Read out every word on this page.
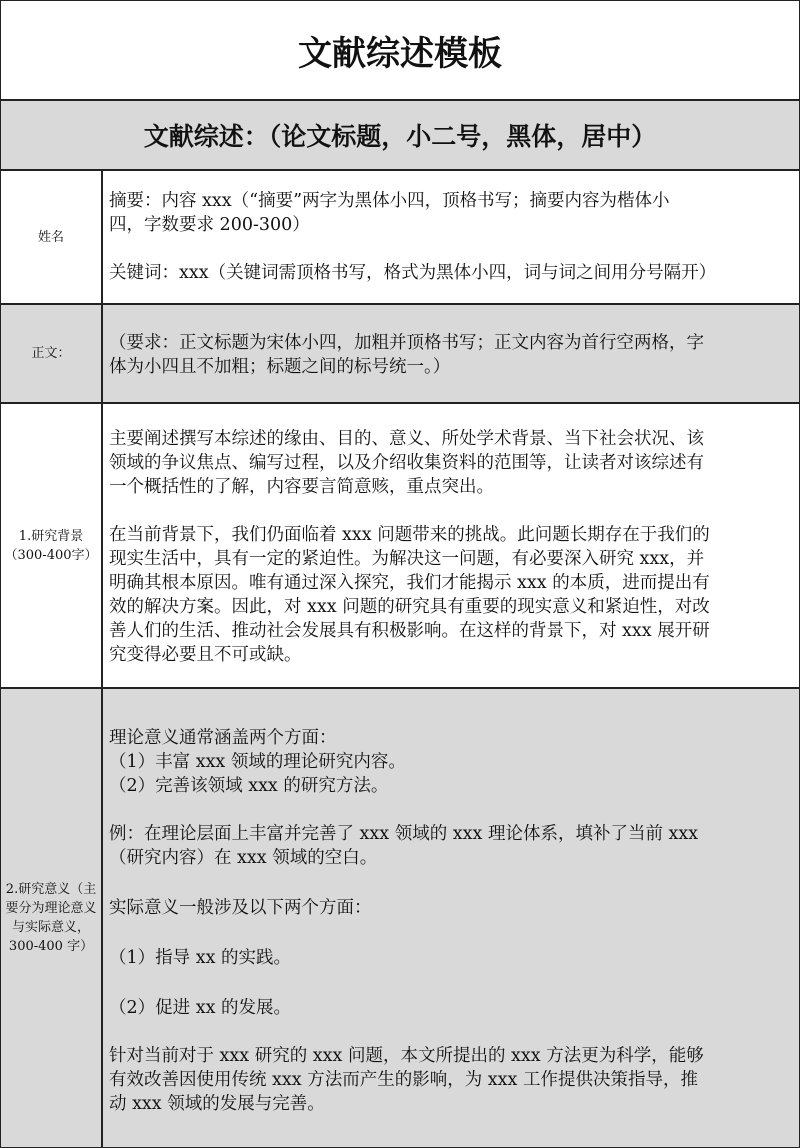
文献综述模板
文献综述：（论文标题，小二号，黑体，居中）
姓名

摘要：内容 xxx（“摘要”两字为黑体小四，顶格书写；摘要内容为楷体小

四，字数要求 200-300）

关键词：xxx（关键词需顶格书写，格式为黑体小四，词与词之间用分号隔开）

正文：

（要求：正文标题为宋体小四，加粗并顶格书写；正文内容为首行空两格，字

体为小四且不加粗；标题之间的标号统一。）

1.研究背景（300-400字）

主要阐述撰写本综述的缘由、目的、意义、所处学术背景、当下社会状况、该

领域的争议焦点、编写过程，以及介绍收集资料的范围等，让读者对该综述有

一个概括性的了解，内容要言简意赅，重点突出。

在当前背景下，我们仍面临着 xxx 问题带来的挑战。此问题长期存在于我们的

现实生活中，具有一定的紧迫性。为解决这一问题，有必要深入研究 xxx，并

明确其根本原因。唯有通过深入探究，我们才能揭示 xxx 的本质，进而提出有

效的解决方案。因此，对 xxx 问题的研究具有重要的现实意义和紧迫性，对改

善人们的生活、推动社会发展具有积极影响。在这样的背景下，对 xxx 展开研

究变得必要且不可或缺。

2.研究意义（主要分为理论意义与实际意义，300-400 字）

理论意义通常涵盖两个方面：

（1）丰富 xxx 领域的理论研究内容。

（2）完善该领域 xxx 的研究方法。

例：在理论层面上丰富并完善了 xxx 领域的 xxx 理论体系，填补了当前 xxx

（研究内容）在 xxx 领域的空白。

实际意义一般涉及以下两个方面：

（1）指导 xx 的实践。

（2）促进 xx 的发展。

针对当前对于 xxx 研究的 xxx 问题，本文所提出的 xxx 方法更为科学，能够

有效改善因使用传统 xxx 方法而产生的影响，为 xxx 工作提供决策指导，推

动 xxx 领域的发展与完善。
